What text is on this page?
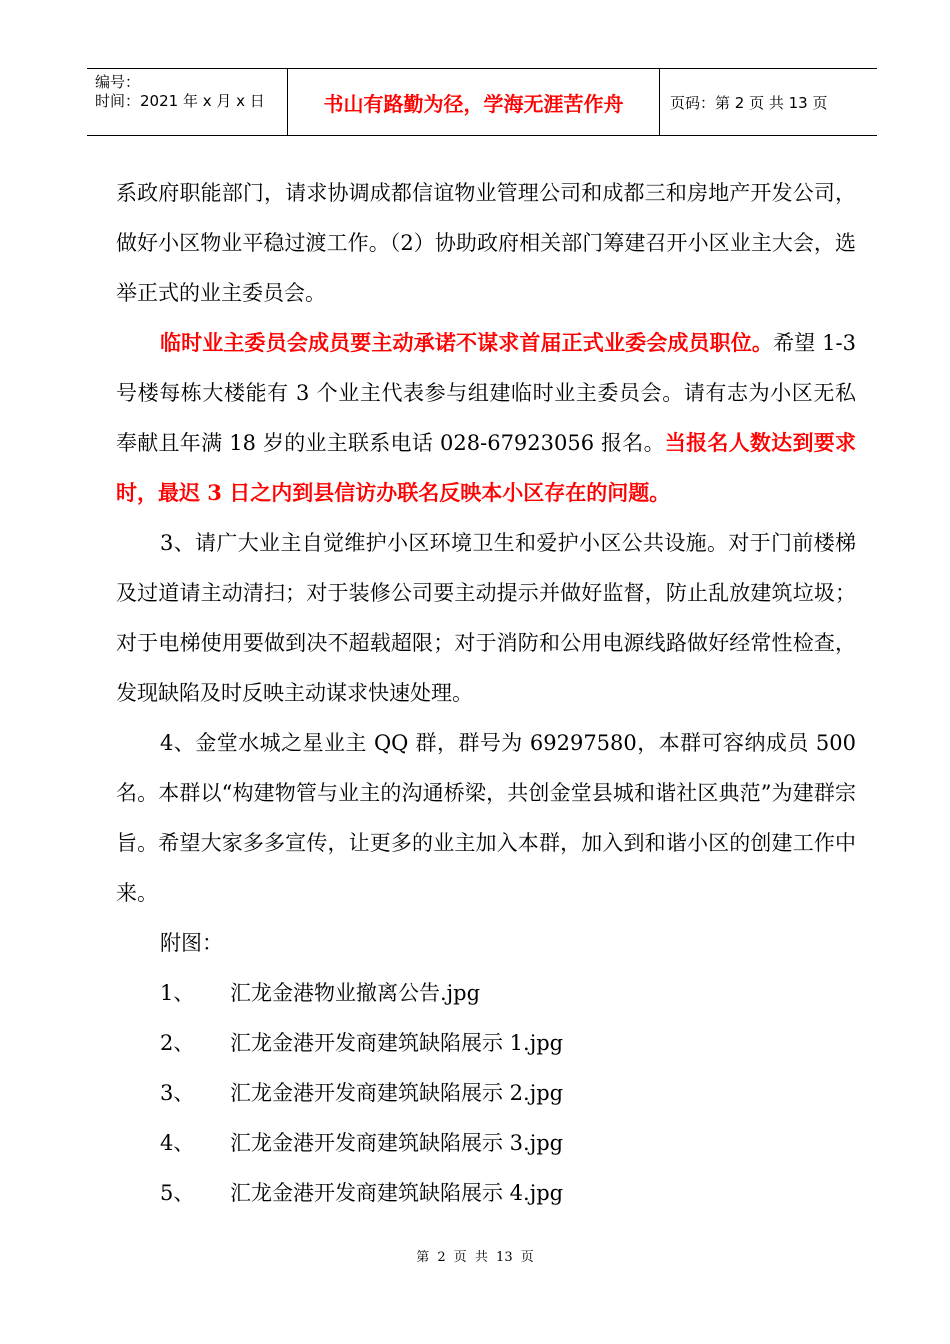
编号：
时间：2021 年 x 月 x 日	书山有路勤为径，学海无涯苦作舟	页码：第 2 页 共 13 页

系政府职能部门，请求协调成都信谊物业管理公司和成都三和房地产开发公司，做好小区物业平稳过渡工作。（2）协助政府相关部门筹建召开小区业主大会，选举正式的业主委员会。

临时业主委员会成员要主动承诺不谋求首届正式业委会成员职位。希望 1-3 号楼每栋大楼能有 3 个业主代表参与组建临时业主委员会。请有志为小区无私奉献且年满 18 岁的业主联系电话 028-67923056 报名。当报名人数达到要求时，最迟 3 日之内到县信访办联名反映本小区存在的问题。

3、请广大业主自觉维护小区环境卫生和爱护小区公共设施。对于门前楼梯及过道请主动清扫；对于装修公司要主动提示并做好监督，防止乱放建筑垃圾；对于电梯使用要做到决不超载超限；对于消防和公用电源线路做好经常性检查，发现缺陷及时反映主动谋求快速处理。

4、金堂水城之星业主 QQ 群，群号为 69297580，本群可容纳成员 500 名。本群以“构建物管与业主的沟通桥梁，共创金堂县城和谐社区典范”为建群宗旨。希望大家多多宣传，让更多的业主加入本群，加入到和谐小区的创建工作中来。

附图：

1、	汇龙金港物业撤离公告.jpg
2、	汇龙金港开发商建筑缺陷展示 1.jpg
3、	汇龙金港开发商建筑缺陷展示 2.jpg
4、	汇龙金港开发商建筑缺陷展示 3.jpg
5、	汇龙金港开发商建筑缺陷展示 4.jpg
第 2 页 共 13 页
